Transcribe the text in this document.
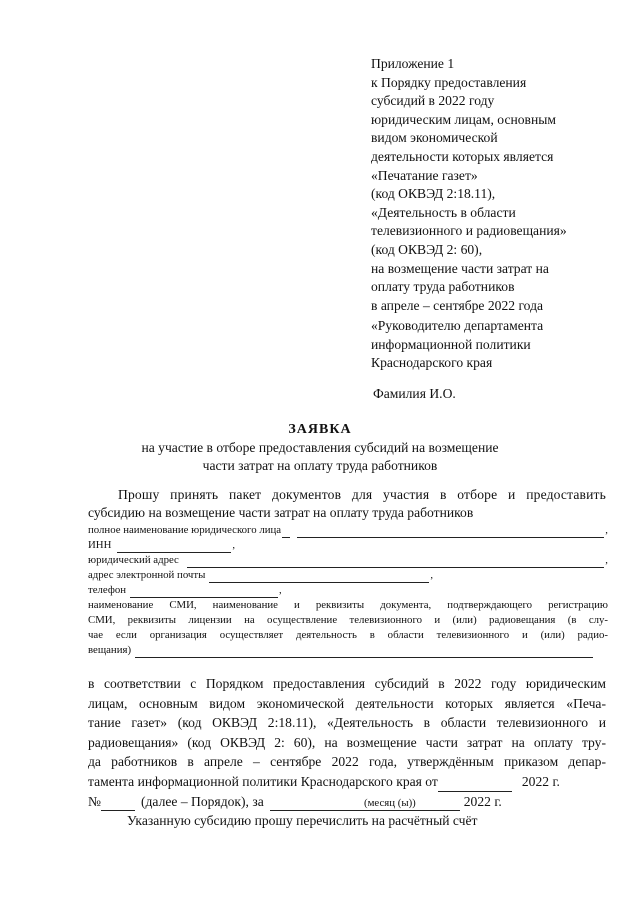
Приложение 1
к Порядку предоставления
субсидий в 2022 году
юридическим лицам, основным
видом экономической
деятельности которых является
«Печатание газет»
(код ОКВЭД 2:18.11),
«Деятельность в области
телевизионного и радиовещания»
(код ОКВЭД 2: 60),
на возмещение части затрат на
оплату труда работников
в апреле – сентябре 2022 года
«Руководителю департамента
информационной политики
Краснодарского края
Фамилия И.О.
ЗАЯВКА
на участие в отборе предоставления субсидий на возмещение
части затрат на оплату труда работников
Прошу принять пакет документов для участия в отборе и предоставить
субсидию на возмещение части затрат на оплату труда работников
полное наименование юридического лица	,
ИНН	,
юридический адрес	,
адрес электронной почты	,
телефон	,
наименование СМИ, наименование и реквизиты документа, подтверждающего регистрацию
СМИ, реквизиты лицензии на осуществление телевизионного и (или) радиовещания (в слу-
чае если организация осуществляет деятельность в области телевизионного и (или) радио-
вещания)
в соответствии с Порядком предоставления субсидий в 2022 году юридическим
лицам, основным видом экономической деятельности которых является «Печа-
тание газет» (код ОКВЭД 2:18.11), «Деятельность в области телевизионного и
радиовещания» (код ОКВЭД 2: 60), на возмещение части затрат на оплату тру-
да работников в апреле – сентябре 2022 года, утверждённым приказом депар-
тамента информационной политики Краснодарского края от	2022 г.
№	(далее – Порядок), за	2022 г.
(месяц (ы))
Указанную субсидию прошу перечислить на расчётный счёт
